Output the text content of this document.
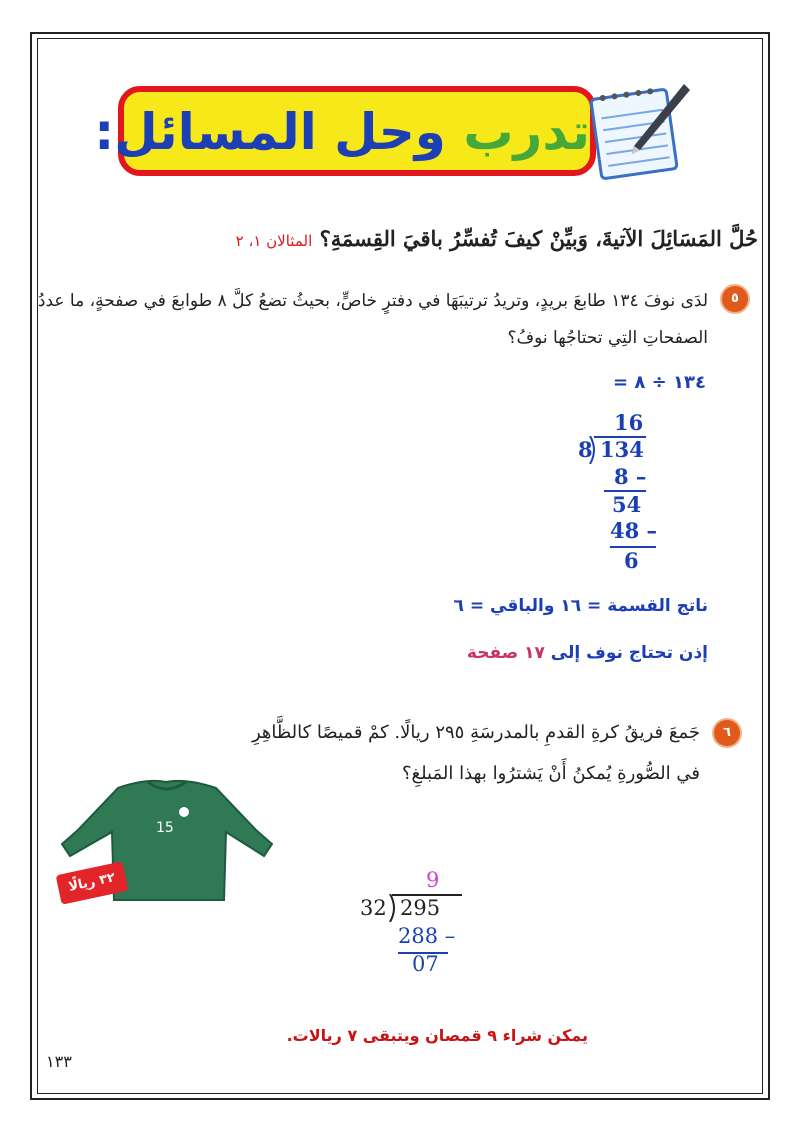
تدرب وحل المسائل:
حُلَّ المَسَائِلَ الآتيةَ، وَبيِّنْ كيفَ تُفسِّرُ باقيَ القِسمَةِ؟ المثالان ١، ٢
٥
لدَى نوفَ ١٣٤ طابعَ بريدٍ، وتريدُ ترتيبَهَا في دفترٍ خاصٍّ، بحيثُ تضعُ كلَّ ٨ طوابعَ في صفحةٍ، ما عددُ
الصفحاتِ التِي تحتاجُها نوفُ؟
١٣٤ ÷ ٨ =
16
8 134
8 –
54
48 –
6
ناتج القسمة = ١٦ والباقي = ٦
إذن تحتاج نوف إلى ١٧ صفحة
٦
جَمعَ فريقُ كرةِ القدمِ بالمدرسَةِ ٢٩٥ ريالًا. كمْ قميصًا كالظَّاهِرِ
في الصُّورةِ يُمكنُ أَنْ يَشترُوا بهذا المَبلغِ؟
15
٣٢ ريالًا	9
32 295
288 –
07
يمكن شراء ٩ قمصان ويتبقى ٧ ريالات.
١٣٣
